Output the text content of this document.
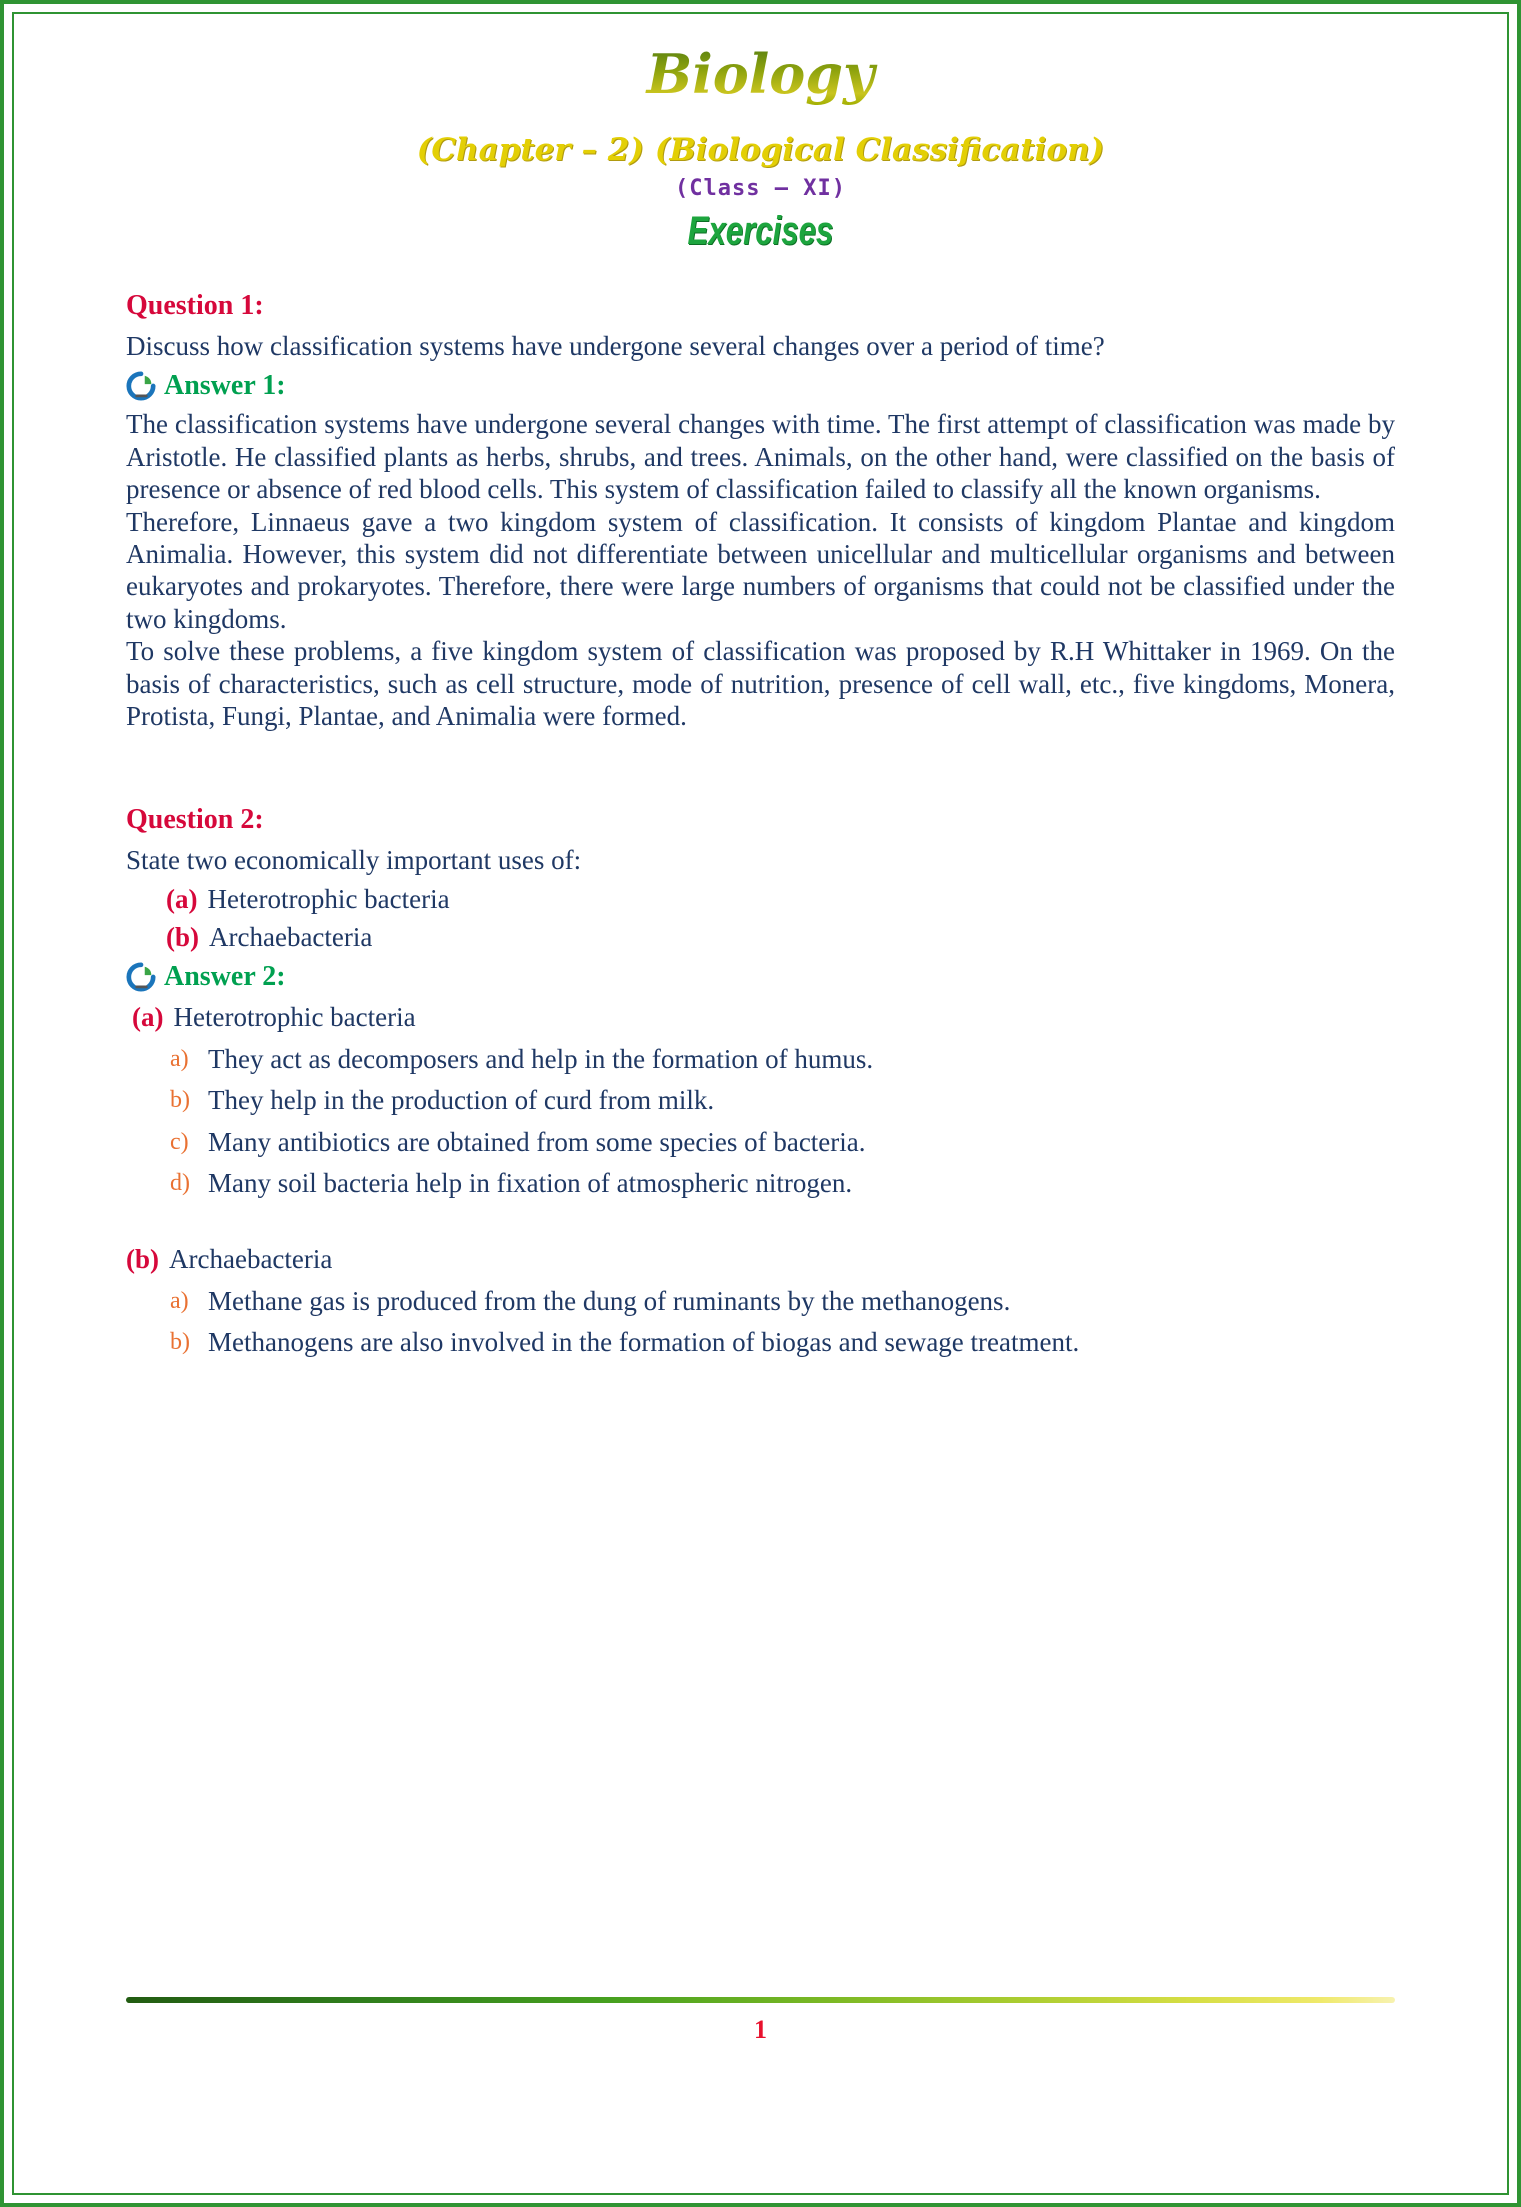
Biology
(Chapter – 2) (Biological Classification)
(Class – XI)
Exercises
Question 1:

Discuss how classification systems have undergone several changes over a period of time?

Answer 1:

The classification systems have undergone several changes with time. The first attempt of classification was made by Aristotle. He classified plants as herbs, shrubs, and trees. Animals, on the other hand, were classified on the basis of presence or absence of red blood cells. This system of classification failed to classify all the known organisms.

Therefore, Linnaeus gave a two kingdom system of classification. It consists of kingdom Plantae and kingdom Animalia. However, this system did not differentiate between unicellular and multicellular organisms and between eukaryotes and prokaryotes. Therefore, there were large numbers of organisms that could not be classified under the two kingdoms.

To solve these problems, a five kingdom system of classification was proposed by R.H Whittaker in 1969. On the basis of characteristics, such as cell structure, mode of nutrition, presence of cell wall, etc., five kingdoms, Monera, Protista, Fungi, Plantae, and Animalia were formed.

Question 2:

State two economically important uses of:

(a) Heterotrophic bacteria
(b) Archaebacteria
Answer 2:
(a) Heterotrophic bacteria
a) They act as decomposers and help in the formation of humus.
b) They help in the production of curd from milk.
c) Many antibiotics are obtained from some species of bacteria.
d) Many soil bacteria help in fixation of atmospheric nitrogen.
(b) Archaebacteria
a) Methane gas is produced from the dung of ruminants by the methanogens.
b) Methanogens are also involved in the formation of biogas and sewage treatment.
1
